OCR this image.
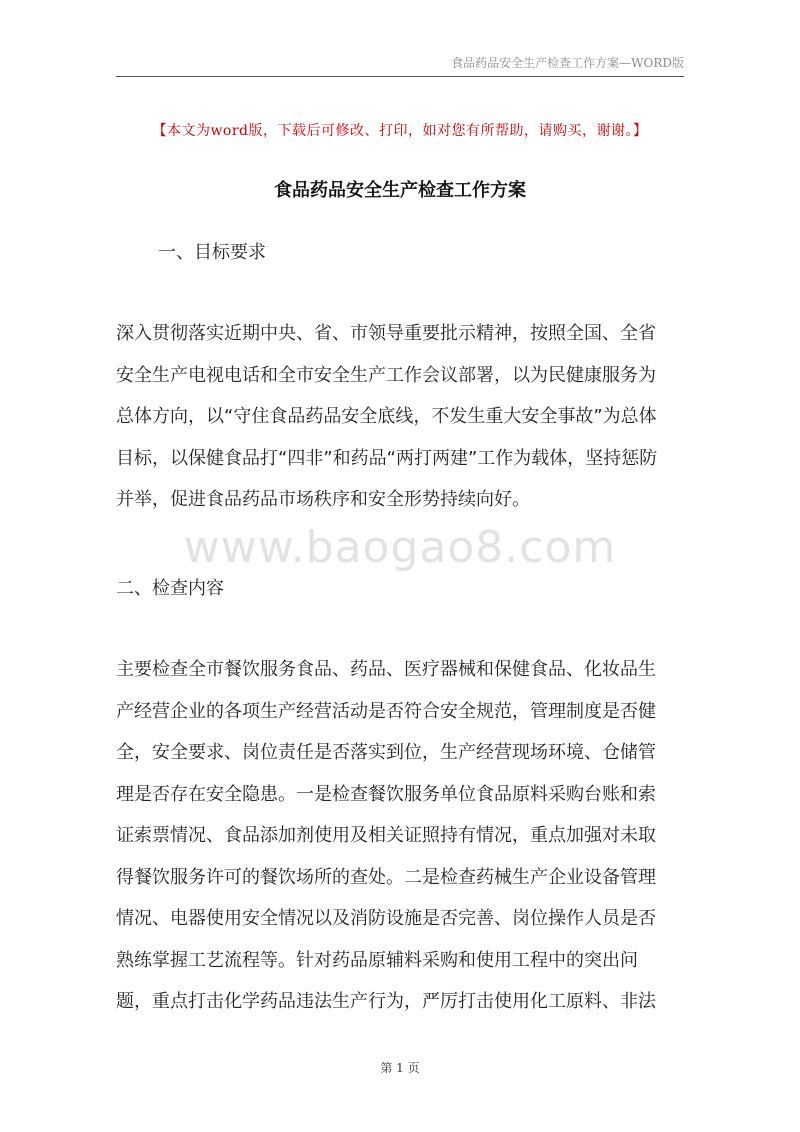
食品药品安全生产检查工作方案—WORD版
【本文为word版，下载后可修改、打印，如对您有所帮助，请购买，谢谢。】
食品药品安全生产检查工作方案
一、目标要求
深入贯彻落实近期中央、省、市领导重要批示精神，按照全国、全省
安全生产电视电话和全市安全生产工作会议部署，以为民健康服务为
总体方向，以“守住食品药品安全底线，不发生重大安全事故”为总体
目标，以保健食品打“四非”和药品“两打两建”工作为载体，坚持惩防
并举，促进食品药品市场秩序和安全形势持续向好。
www.baogao8.com
二、检查内容
主要检查全市餐饮服务食品、药品、医疗器械和保健食品、化妆品生
产经营企业的各项生产经营活动是否符合安全规范，管理制度是否健
全，安全要求、岗位责任是否落实到位，生产经营现场环境、仓储管
理是否存在安全隐患。一是检查餐饮服务单位食品原料采购台账和索
证索票情况、食品添加剂使用及相关证照持有情况，重点加强对未取
得餐饮服务许可的餐饮场所的查处。二是检查药械生产企业设备管理
情况、电器使用安全情况以及消防设施是否完善、岗位操作人员是否
熟练掌握工艺流程等。针对药品原辅料采购和使用工程中的突出问
题，重点打击化学药品违法生产行为，严厉打击使用化工原料、非法
第 1 页
